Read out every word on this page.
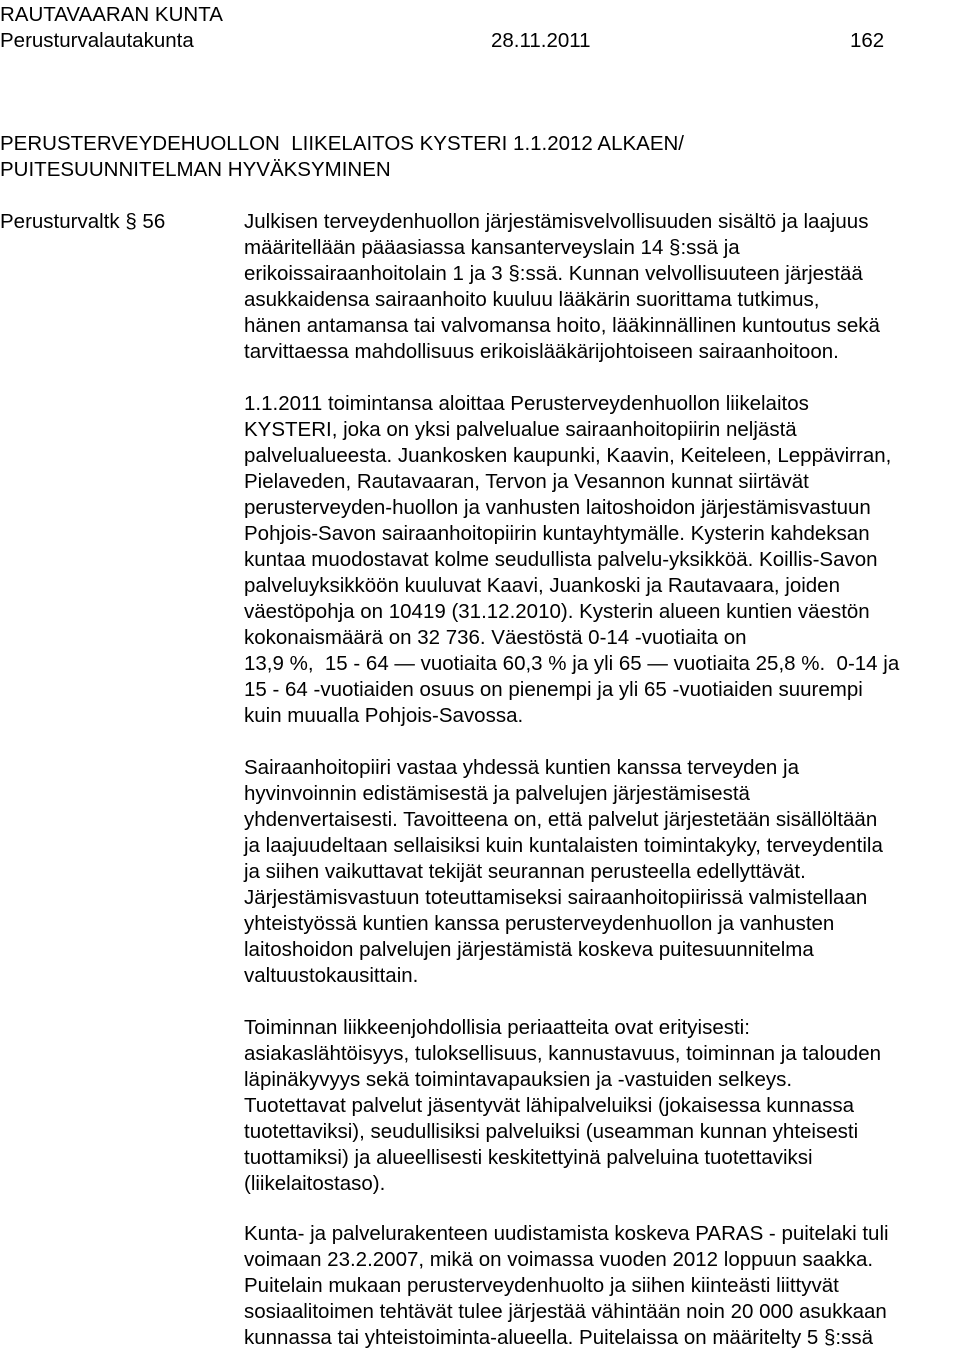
RAUTAVAARAN KUNTA
Perusturvalautakunta	28.11.2011	162
PERUSTERVEYDEHUOLLON  LIIKELAITOS KYSTERI 1.1.2012 ALKAEN/
PUITESUUNNITELMAN HYVÄKSYMINEN
Perusturvaltk § 56	Julkisen terveydenhuollon järjestämisvelvollisuuden sisältö ja laajuus
määritellään pääasiassa kansanterveyslain 14 §:ssä ja
erikoissairaanhoitolain 1 ja 3 §:ssä. Kunnan velvollisuuteen järjestää
asukkaidensa sairaanhoito kuuluu lääkärin suorittama tutkimus,
hänen antamansa tai valvomansa hoito, lääkinnällinen kuntoutus sekä
tarvittaessa mahdollisuus erikoislääkärijohtoiseen sairaanhoitoon.
1.1.2011 toimintansa aloittaa Perusterveydenhuollon liikelaitos
KYSTERI, joka on yksi palvelualue sairaanhoitopiirin neljästä
palvelualueesta. Juankosken kaupunki, Kaavin, Keiteleen, Leppävirran,
Pielaveden, Rautavaaran, Tervon ja Vesannon kunnat siirtävät
perusterveyden-huollon ja vanhusten laitoshoidon järjestämisvastuun
Pohjois-Savon sairaanhoitopiirin kuntayhtymälle. Kysterin kahdeksan
kuntaa muodostavat kolme seudullista palvelu-yksikköä. Koillis-Savon
palveluyksikköön kuuluvat Kaavi, Juankoski ja Rautavaara, joiden
väestöpohja on 10419 (31.12.2010). Kysterin alueen kuntien väestön
kokonaismäärä on 32 736. Väestöstä 0-14 -vuotiaita on
13,9 %,  15 - 64 — vuotiaita 60,3 % ja yli 65 — vuotiaita 25,8 %.  0-14 ja
15 - 64 -vuotiaiden osuus on pienempi ja yli 65 -vuotiaiden suurempi
kuin muualla Pohjois-Savossa.
Sairaanhoitopiiri vastaa yhdessä kuntien kanssa terveyden ja
hyvinvoinnin edistämisestä ja palvelujen järjestämisestä
yhdenvertaisesti. Tavoitteena on, että palvelut järjestetään sisällöltään
ja laajuudeltaan sellaisiksi kuin kuntalaisten toimintakyky, terveydentila
ja siihen vaikuttavat tekijät seurannan perusteella edellyttävät.
Järjestämisvastuun toteuttamiseksi sairaanhoitopiirissä valmistellaan
yhteistyössä kuntien kanssa perusterveydenhuollon ja vanhusten
laitoshoidon palvelujen järjestämistä koskeva puitesuunnitelma
valtuustokausittain.
Toiminnan liikkeenjohdollisia periaatteita ovat erityisesti:
asiakaslähtöisyys, tuloksellisuus, kannustavuus, toiminnan ja talouden
läpinäkyvyys sekä toimintavapauksien ja -vastuiden selkeys.
Tuotettavat palvelut jäsentyvät lähipalveluiksi (jokaisessa kunnassa
tuotettaviksi), seudullisiksi palveluiksi (useamman kunnan yhteisesti
tuottamiksi) ja alueellisesti keskitettyinä palveluina tuotettaviksi
(liikelaitostaso).
Kunta- ja palvelurakenteen uudistamista koskeva PARAS - puitelaki tuli
voimaan 23.2.2007, mikä on voimassa vuoden 2012 loppuun saakka.
Puitelain mukaan perusterveydenhuolto ja siihen kiinteästi liittyvät
sosiaalitoimen tehtävät tulee järjestää vähintään noin 20 000 asukkaan
kunnassa tai yhteistoiminta-alueella. Puitelaissa on määritelty 5 §:ssä
